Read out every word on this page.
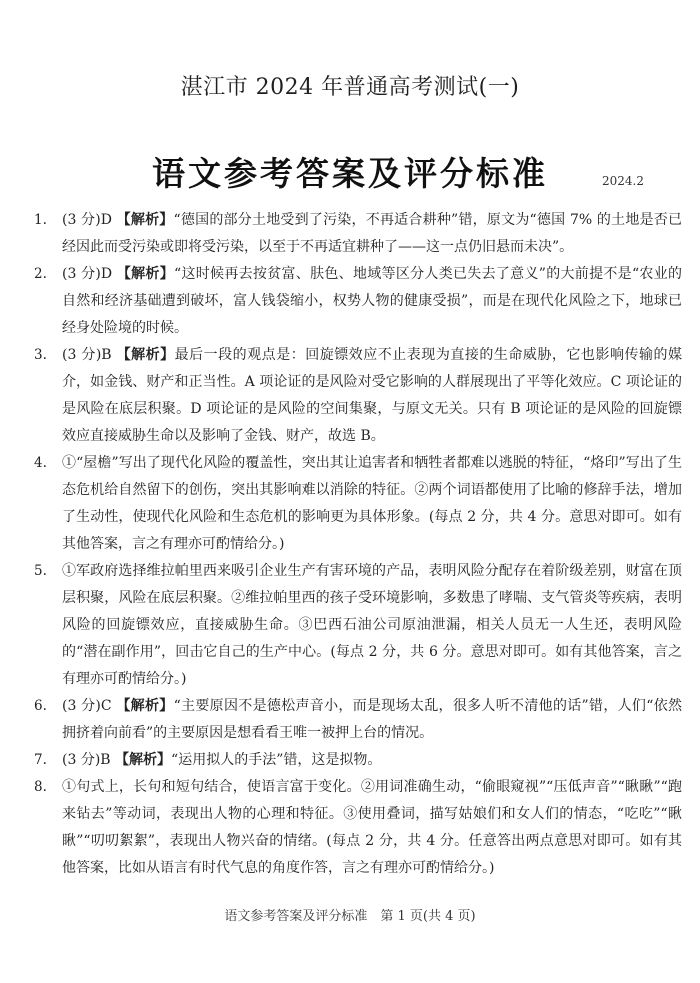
湛江市 2024 年普通高考测试(一)
语文参考答案及评分标准	2024.2
1.	(3 分)D 【解析】“德国的部分土地受到了污染，不再适合耕种”错，原文为“德国 7% 的土地是否已经因此而受污染或即将受污染，以至于不再适宜耕种了——这一点仍旧悬而未决”。
2.	(3 分)D 【解析】“这时候再去按贫富、肤色、地域等区分人类已失去了意义”的大前提不是“农业的自然和经济基础遭到破坏，富人钱袋缩小，权势人物的健康受损”，而是在现代化风险之下，地球已经身处险境的时候。
3.	(3 分)B 【解析】最后一段的观点是：回旋镖效应不止表现为直接的生命威胁，它也影响传输的媒介，如金钱、财产和正当性。A 项论证的是风险对受它影响的人群展现出了平等化效应。C 项论证的是风险在底层积聚。D 项论证的是风险的空间集聚，与原文无关。只有 B 项论证的是风险的回旋镖效应直接威胁生命以及影响了金钱、财产，故选 B。
4.	①“屋檐”写出了现代化风险的覆盖性，突出其让追害者和牺牲者都难以逃脱的特征，“烙印”写出了生态危机给自然留下的创伤，突出其影响难以消除的特征。②两个词语都使用了比喻的修辞手法，增加了生动性，使现代化风险和生态危机的影响更为具体形象。(每点 2 分，共 4 分。意思对即可。如有其他答案，言之有理亦可酌情给分。)
5.	①军政府选择维拉帕里西来吸引企业生产有害环境的产品，表明风险分配存在着阶级差别，财富在顶层积聚，风险在底层积聚。②维拉帕里西的孩子受环境影响，多数患了哮喘、支气管炎等疾病，表明风险的回旋镖效应，直接威胁生命。③巴西石油公司原油泄漏，相关人员无一人生还，表明风险的“潜在副作用”，回击它自己的生产中心。(每点 2 分，共 6 分。意思对即可。如有其他答案，言之有理亦可酌情给分。)
6.	(3 分)C 【解析】“主要原因不是德松声音小，而是现场太乱，很多人听不清他的话”错，人们“依然拥挤着向前看”的主要原因是想看看王唯一被押上台的情况。
7.	(3 分)B 【解析】“运用拟人的手法”错，这是拟物。
8.	①句式上，长句和短句结合，使语言富于变化。②用词准确生动，“偷眼窥视”“压低声音”“瞅瞅”“跑来钻去”等动词，表现出人物的心理和特征。③使用叠词，描写姑娘们和女人们的情态，“吃吃”“瞅瞅”“叨叨絮絮”，表现出人物兴奋的情绪。(每点 2 分，共 4 分。任意答出两点意思对即可。如有其他答案，比如从语言有时代气息的角度作答，言之有理亦可酌情给分。)
语文参考答案及评分标准　第 1 页(共 4 页)
